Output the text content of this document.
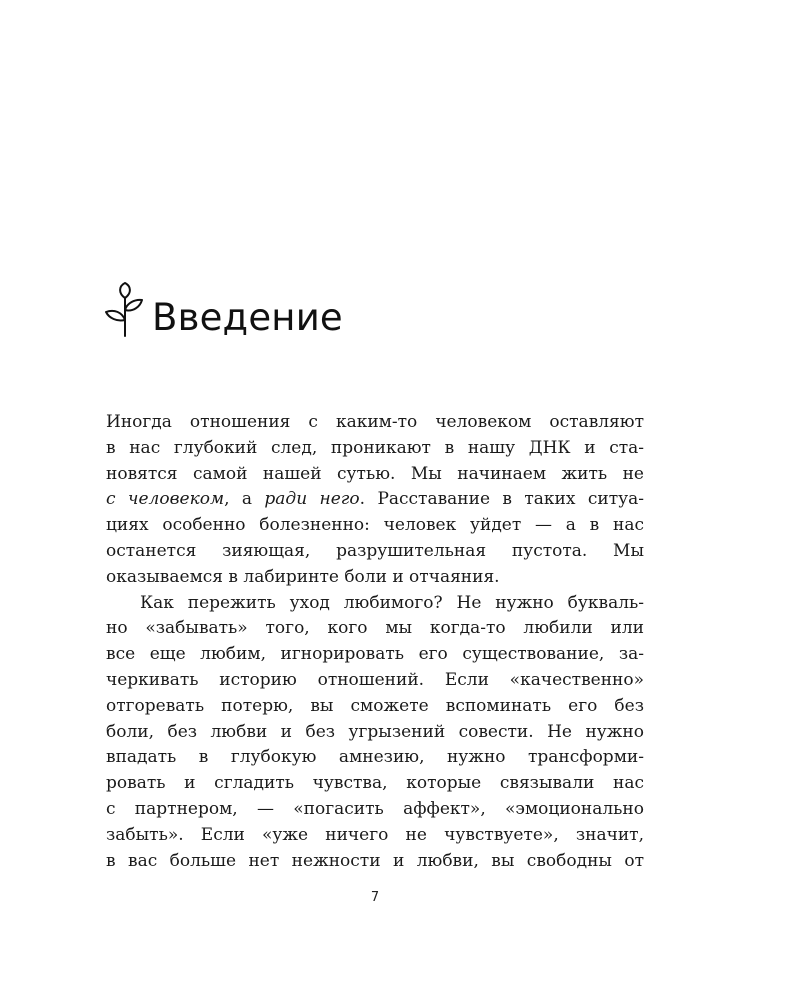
Введение
Иногда отношения с каким-то человеком оставляют
в нас глубокий след, проникают в нашу ДНК и ста-
новятся самой нашей сутью. Мы начинаем жить не
с человеком, а ради него. Расставание в таких ситуа-
циях особенно болезненно: человек уйдет — а в нас
останется зияющая, разрушительная пустота. Мы
оказываемся в лабиринте боли и отчаяния.
Как пережить уход любимого? Не нужно букваль-
но «забывать» того, кого мы когда-то любили или
все еще любим, игнорировать его существование, за-
черкивать историю отношений. Если «качественно»
отгоревать потерю, вы сможете вспоминать его без
боли, без любви и без угрызений совести. Не нужно
впадать в глубокую амнезию, нужно трансформи-
ровать и сгладить чувства, которые связывали нас
с партнером, — «погасить аффект», «эмоционально
забыть». Если «уже ничего не чувствуете», значит,
в вас больше нет нежности и любви, вы свободны от
7
